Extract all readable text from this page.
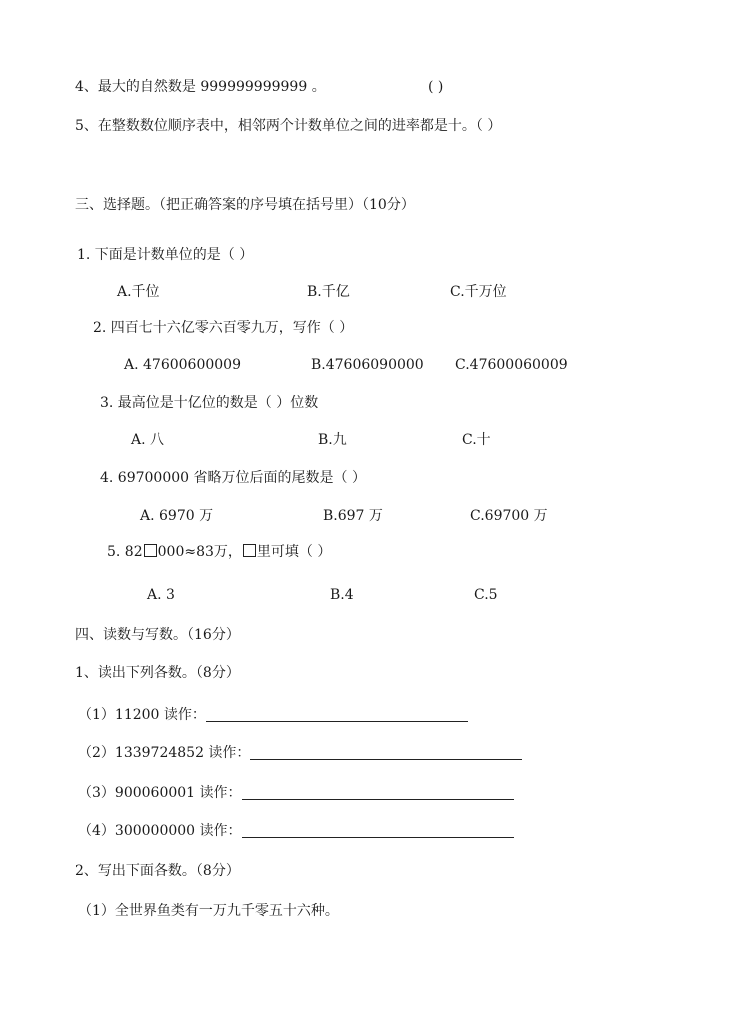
4、最大的自然数是 999999999999 。	( )
5、在整数数位顺序表中，相邻两个计数单位之间的进率都是十。（ ）
三、选择题。（把正确答案的序号填在括号里）（10分）
1. 下面是计数单位的是（ ）
A.千位	B.千亿	C.千万位
2. 四百七十六亿零六百零九万，写作（ ）
A. 47600600009	B.47606090000 C.47600060009
3. 最高位是十亿位的数是（ ）位数
A. 八	B.九	C.十
4. 69700000 省略万位后面的尾数是（ ）
A. 6970 万	B.697 万	C.69700 万
5. 82 000≈83万， 里可填（ ）
A. 3	B.4	C.5
四、读数与写数。（16分）
1、读出下列各数。（8分）
（1）11200 读作：
（2）1339724852 读作：
（3）900060001 读作：
（4）300000000 读作：
2、写出下面各数。（8分）
（1）全世界鱼类有一万九千零五十六种。
